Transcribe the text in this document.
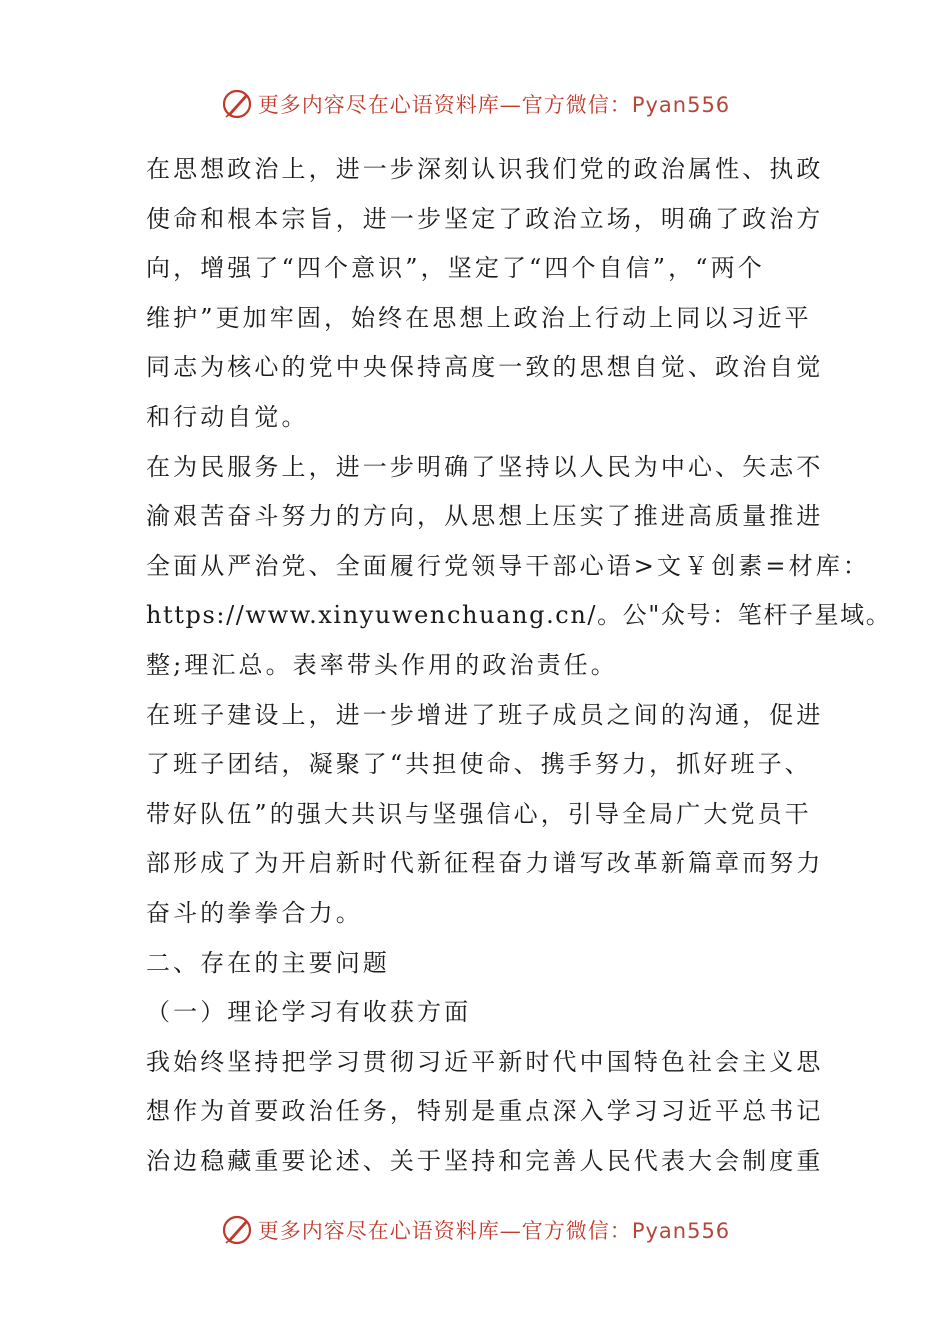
更多内容尽在心语资料库—官方微信：Pyan556
在思想政治上，进一步深刻认识我们党的政治属性、执政
使命和根本宗旨，进一步坚定了政治立场，明确了政治方
向，增强了“四个意识”，坚定了“四个自信”，“两个
维护”更加牢固，始终在思想上政治上行动上同以习近平
同志为核心的党中央保持高度一致的思想自觉、政治自觉
和行动自觉。
在为民服务上，进一步明确了坚持以人民为中心、矢志不
渝艰苦奋斗努力的方向，从思想上压实了推进高质量推进
全面从严治党、全面履行党领导干部心语>文￥创素=材库：
https://www.xinyuwenchuang.cn/。公"众号：笔杆子星域。
整;理汇总。表率带头作用的政治责任。
在班子建设上，进一步增进了班子成员之间的沟通，促进
了班子团结，凝聚了“共担使命、携手努力，抓好班子、
带好队伍”的强大共识与坚强信心，引导全局广大党员干
部形成了为开启新时代新征程奋力谱写改革新篇章而努力
奋斗的拳拳合力。
二、存在的主要问题
（一）理论学习有收获方面
我始终坚持把学习贯彻习近平新时代中国特色社会主义思
想作为首要政治任务，特别是重点深入学习习近平总书记
治边稳藏重要论述、关于坚持和完善人民代表大会制度重
更多内容尽在心语资料库—官方微信：Pyan556
